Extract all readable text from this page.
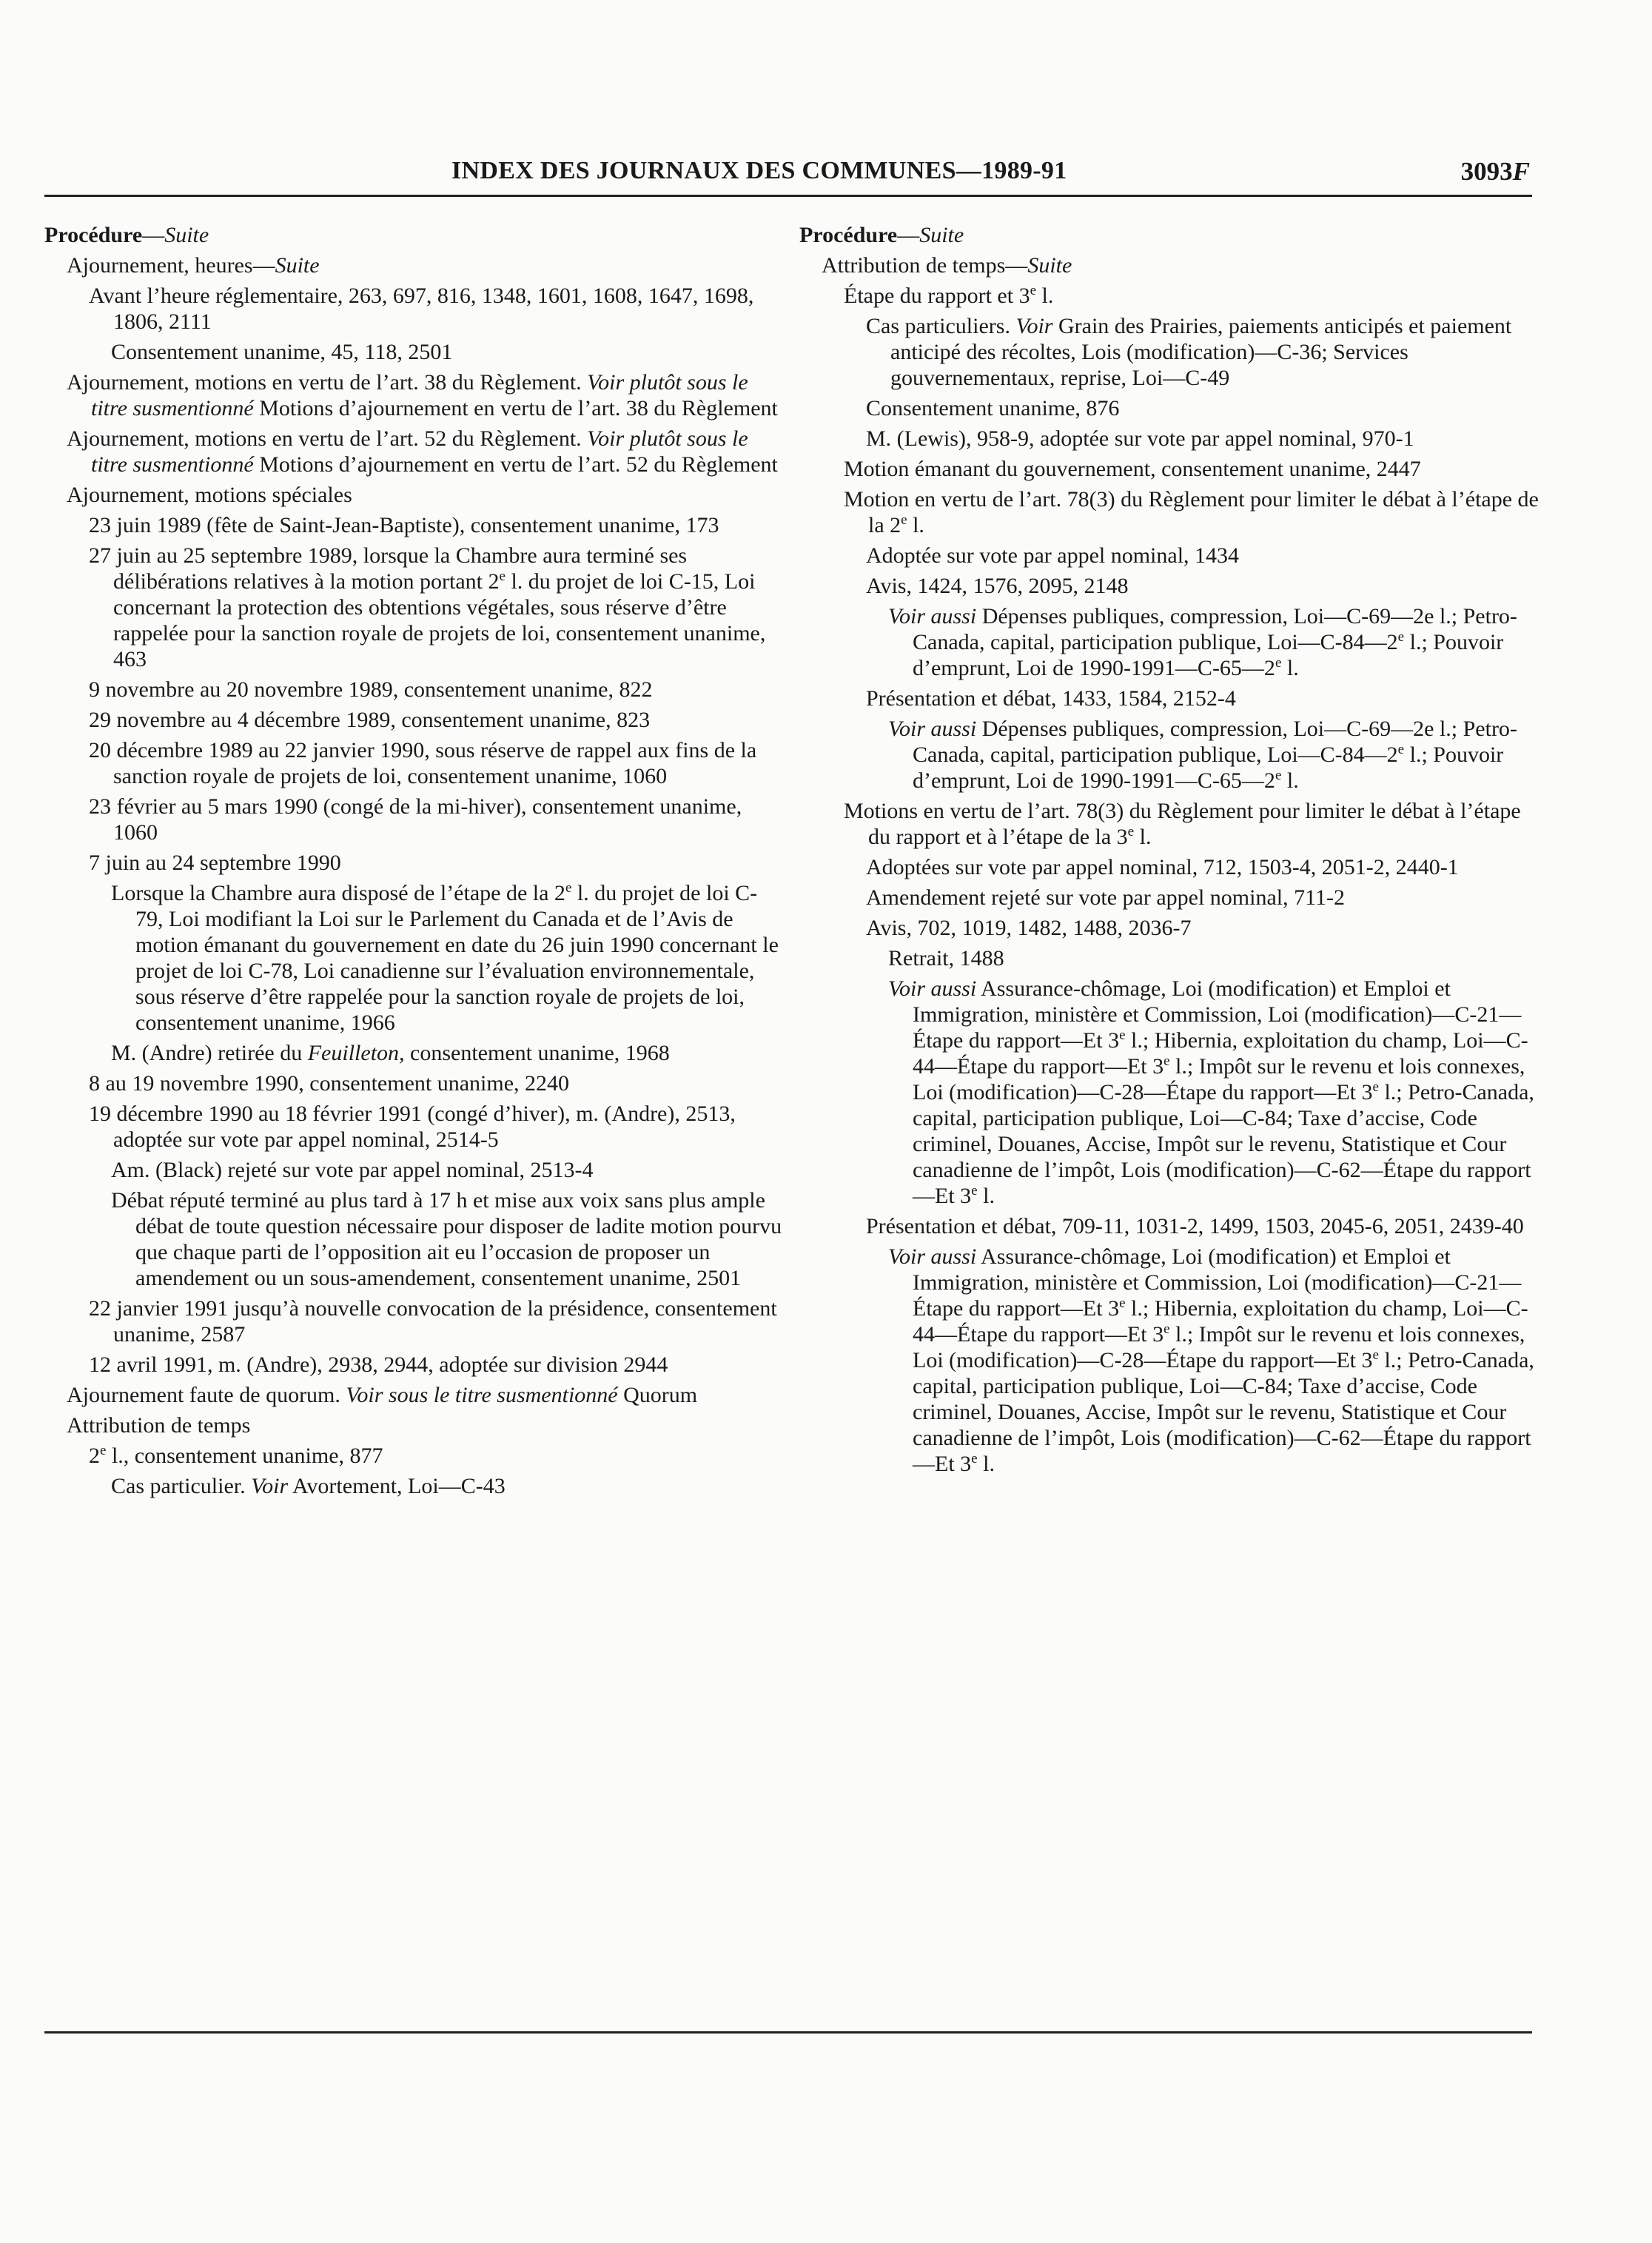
INDEX DES JOURNAUX DES COMMUNES—1989-91	3093F
Procédure—Suite
Ajournement, heures—Suite
Avant l’heure réglementaire, 263, 697, 816, 1348, 1601, 1608, 1647, 1698, 1806, 2111
Consentement unanime, 45, 118, 2501
Ajournement, motions en vertu de l’art. 38 du Règlement. Voir plutôt sous le titre susmentionné Motions d’ajournement en vertu de l’art. 38 du Règlement
Ajournement, motions en vertu de l’art. 52 du Règlement. Voir plutôt sous le titre susmentionné Motions d’ajournement en vertu de l’art. 52 du Règlement
Ajournement, motions spéciales
23 juin 1989 (fête de Saint-Jean-Baptiste), consentement unanime, 173
27 juin au 25 septembre 1989, lorsque la Chambre aura terminé ses délibérations relatives à la motion portant 2e l. du projet de loi C-15, Loi concernant la protection des obtentions végétales, sous réserve d’être rappelée pour la sanction royale de projets de loi, consentement unanime, 463
9 novembre au 20 novembre 1989, consentement unanime, 822
29 novembre au 4 décembre 1989, consentement unanime, 823
20 décembre 1989 au 22 janvier 1990, sous réserve de rappel aux fins de la sanction royale de projets de loi, consentement unanime, 1060
23 février au 5 mars 1990 (congé de la mi-hiver), consentement unanime, 1060
7 juin au 24 septembre 1990
Lorsque la Chambre aura disposé de l’étape de la 2e l. du projet de loi C-79, Loi modifiant la Loi sur le Parlement du Canada et de l’Avis de motion émanant du gouvernement en date du 26 juin 1990 concernant le projet de loi C-78, Loi canadienne sur l’évaluation environnementale, sous réserve d’être rappelée pour la sanction royale de projets de loi, consentement unanime, 1966
M. (Andre) retirée du Feuilleton, consentement unanime, 1968
8 au 19 novembre 1990, consentement unanime, 2240
19 décembre 1990 au 18 février 1991 (congé d’hiver), m. (Andre), 2513, adoptée sur vote par appel nominal, 2514-5
Am. (Black) rejeté sur vote par appel nominal, 2513-4
Débat réputé terminé au plus tard à 17 h et mise aux voix sans plus ample débat de toute question nécessaire pour disposer de ladite motion pourvu que chaque parti de l’opposition ait eu l’occasion de proposer un amendement ou un sous-amendement, consentement unanime, 2501
22 janvier 1991 jusqu’à nouvelle convocation de la présidence, consentement unanime, 2587
12 avril 1991, m. (Andre), 2938, 2944, adoptée sur division 2944
Ajournement faute de quorum. Voir sous le titre susmentionné Quorum
Attribution de temps
2e l., consentement unanime, 877
Cas particulier. Voir Avortement, Loi—C-43
Procédure—Suite
Attribution de temps—Suite
Étape du rapport et 3e l.
Cas particuliers. Voir Grain des Prairies, paiements anticipés et paiement anticipé des récoltes, Lois (modification)—C-36; Services gouvernementaux, reprise, Loi—C-49
Consentement unanime, 876
M. (Lewis), 958-9, adoptée sur vote par appel nominal, 970-1
Motion émanant du gouvernement, consentement unanime, 2447
Motion en vertu de l’art. 78(3) du Règlement pour limiter le débat à l’étape de la 2e l.
Adoptée sur vote par appel nominal, 1434
Avis, 1424, 1576, 2095, 2148
Voir aussi Dépenses publiques, compression, Loi—C-69—2e l.; Petro-Canada, capital, participation publique, Loi—C-84—2e l.; Pouvoir d’emprunt, Loi de 1990-1991—C-65—2e l.
Présentation et débat, 1433, 1584, 2152-4
Voir aussi Dépenses publiques, compression, Loi—C-69—2e l.; Petro-Canada, capital, participation publique, Loi—C-84—2e l.; Pouvoir d’emprunt, Loi de 1990-1991—C-65—2e l.
Motions en vertu de l’art. 78(3) du Règlement pour limiter le débat à l’étape du rapport et à l’étape de la 3e l.
Adoptées sur vote par appel nominal, 712, 1503-4, 2051-2, 2440-1
Amendement rejeté sur vote par appel nominal, 711-2
Avis, 702, 1019, 1482, 1488, 2036-7
Retrait, 1488
Voir aussi Assurance-chômage, Loi (modification) et Emploi et Immigration, ministère et Commission, Loi (modification)—C-21—Étape du rapport—Et 3e l.; Hibernia, exploitation du champ, Loi—C-44—Étape du rapport—Et 3e l.; Impôt sur le revenu et lois connexes, Loi (modification)—C-28—Étape du rapport—Et 3e l.; Petro-Canada, capital, participation publique, Loi—C-84; Taxe d’accise, Code criminel, Douanes, Accise, Impôt sur le revenu, Statistique et Cour canadienne de l’impôt, Lois (modification)—C-62—Étape du rapport—Et 3e l.
Présentation et débat, 709-11, 1031-2, 1499, 1503, 2045-6, 2051, 2439-40
Voir aussi Assurance-chômage, Loi (modification) et Emploi et Immigration, ministère et Commission, Loi (modification)—C-21—Étape du rapport—Et 3e l.; Hibernia, exploitation du champ, Loi—C-44—Étape du rapport—Et 3e l.; Impôt sur le revenu et lois connexes, Loi (modification)—C-28—Étape du rapport—Et 3e l.; Petro-Canada, capital, participation publique, Loi—C-84; Taxe d’accise, Code criminel, Douanes, Accise, Impôt sur le revenu, Statistique et Cour canadienne de l’impôt, Lois (modification)—C-62—Étape du rapport—Et 3e l.
